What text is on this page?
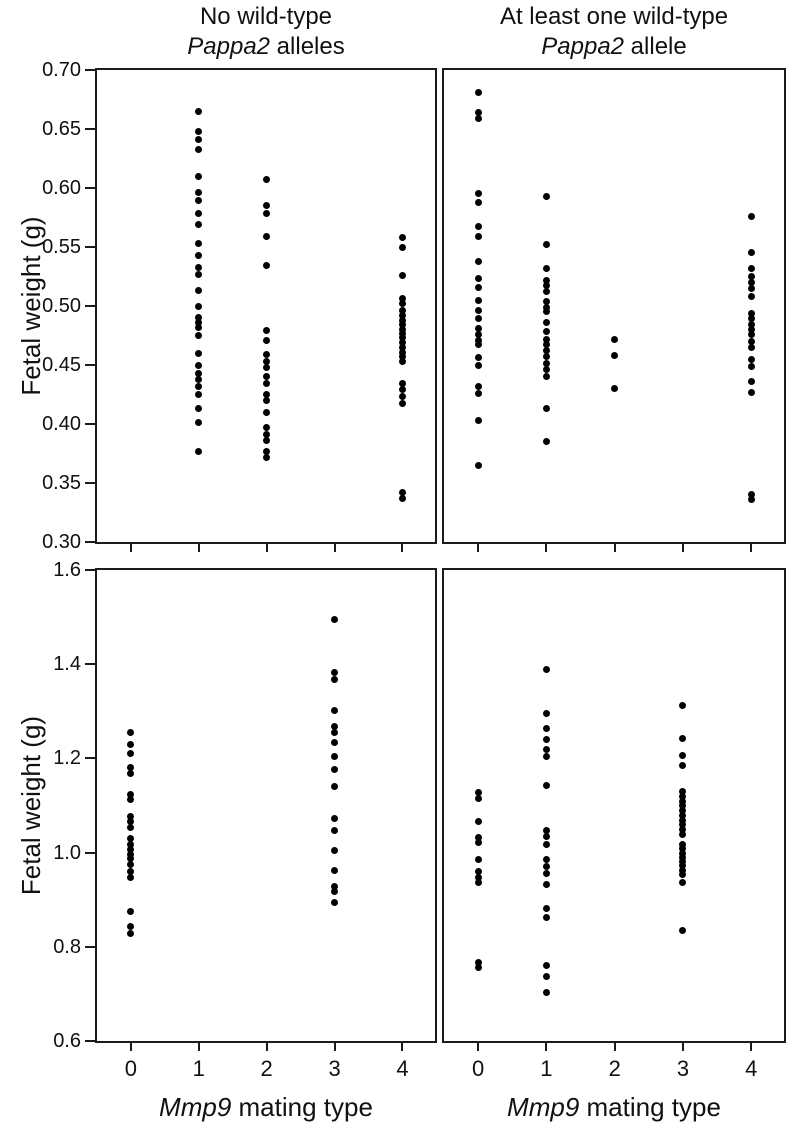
No wild-type
Pappa2 alleles
At least one wild-type
Pappa2 allele
Fetal weight (g)
Fetal weight (g)
Mmp9 mating type	Mmp9 mating type
0.70
0.65
0.60
0.55
0.50
0.45
0.40
0.35
0.30
0	1	2	3	4
1.6
1.4
1.2
1.0
0.8
0.6
0	1	2	3	4
